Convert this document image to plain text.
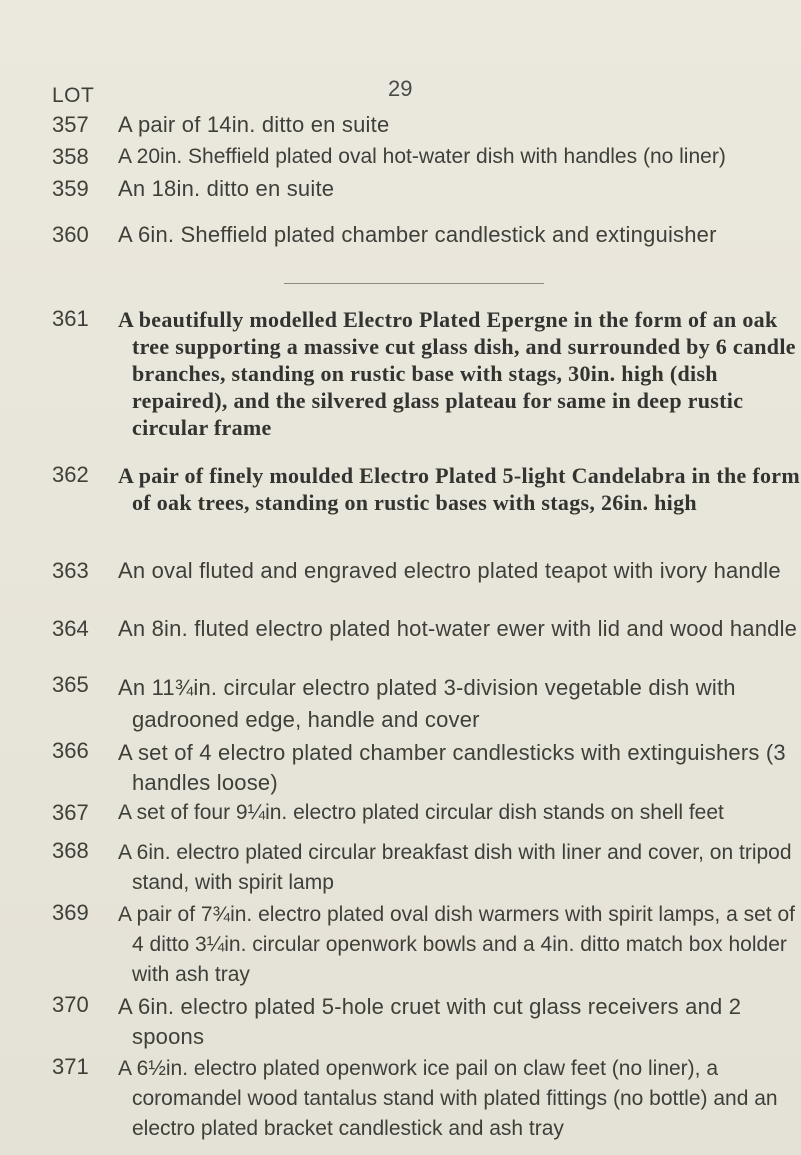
29
LOT
357	A pair of 14in. ditto en suite
358	A 20in. Sheffield plated oval hot-water dish with handles (no liner)
359	An 18in. ditto en suite
360	A 6in. Sheffield plated chamber candlestick and extinguisher
361	A beautifully modelled Electro Plated Epergne in the form of an oak tree supporting a massive cut glass dish, and surrounded by 6 candle branches, standing on rustic base with stags, 30in. high (dish repaired), and the silvered glass plateau for same in deep rustic circular frame
362	A pair of finely moulded Electro Plated 5-light Candelabra in the form of oak trees, standing on rustic bases with stags, 26in. high
363	An oval fluted and engraved electro plated teapot with ivory handle
364	An 8in. fluted electro plated hot-water ewer with lid and wood handle
365	An 11¾in. circular electro plated 3-division vegetable dish with gadrooned edge, handle and cover
366	A set of 4 electro plated chamber candlesticks with extinguishers (3 handles loose)
367	A set of four 9¼in. electro plated circular dish stands on shell feet
368	A 6in. electro plated circular breakfast dish with liner and cover, on tripod stand, with spirit lamp
369	A pair of 7¾in. electro plated oval dish warmers with spirit lamps, a set of 4 ditto 3¼in. circular openwork bowls and a 4in. ditto match box holder with ash tray
370	A 6in. electro plated 5-hole cruet with cut glass receivers and 2 spoons
371	A 6½in. electro plated openwork ice pail on claw feet (no liner), a coromandel wood tantalus stand with plated fittings (no bottle) and an electro plated bracket candlestick and ash tray
